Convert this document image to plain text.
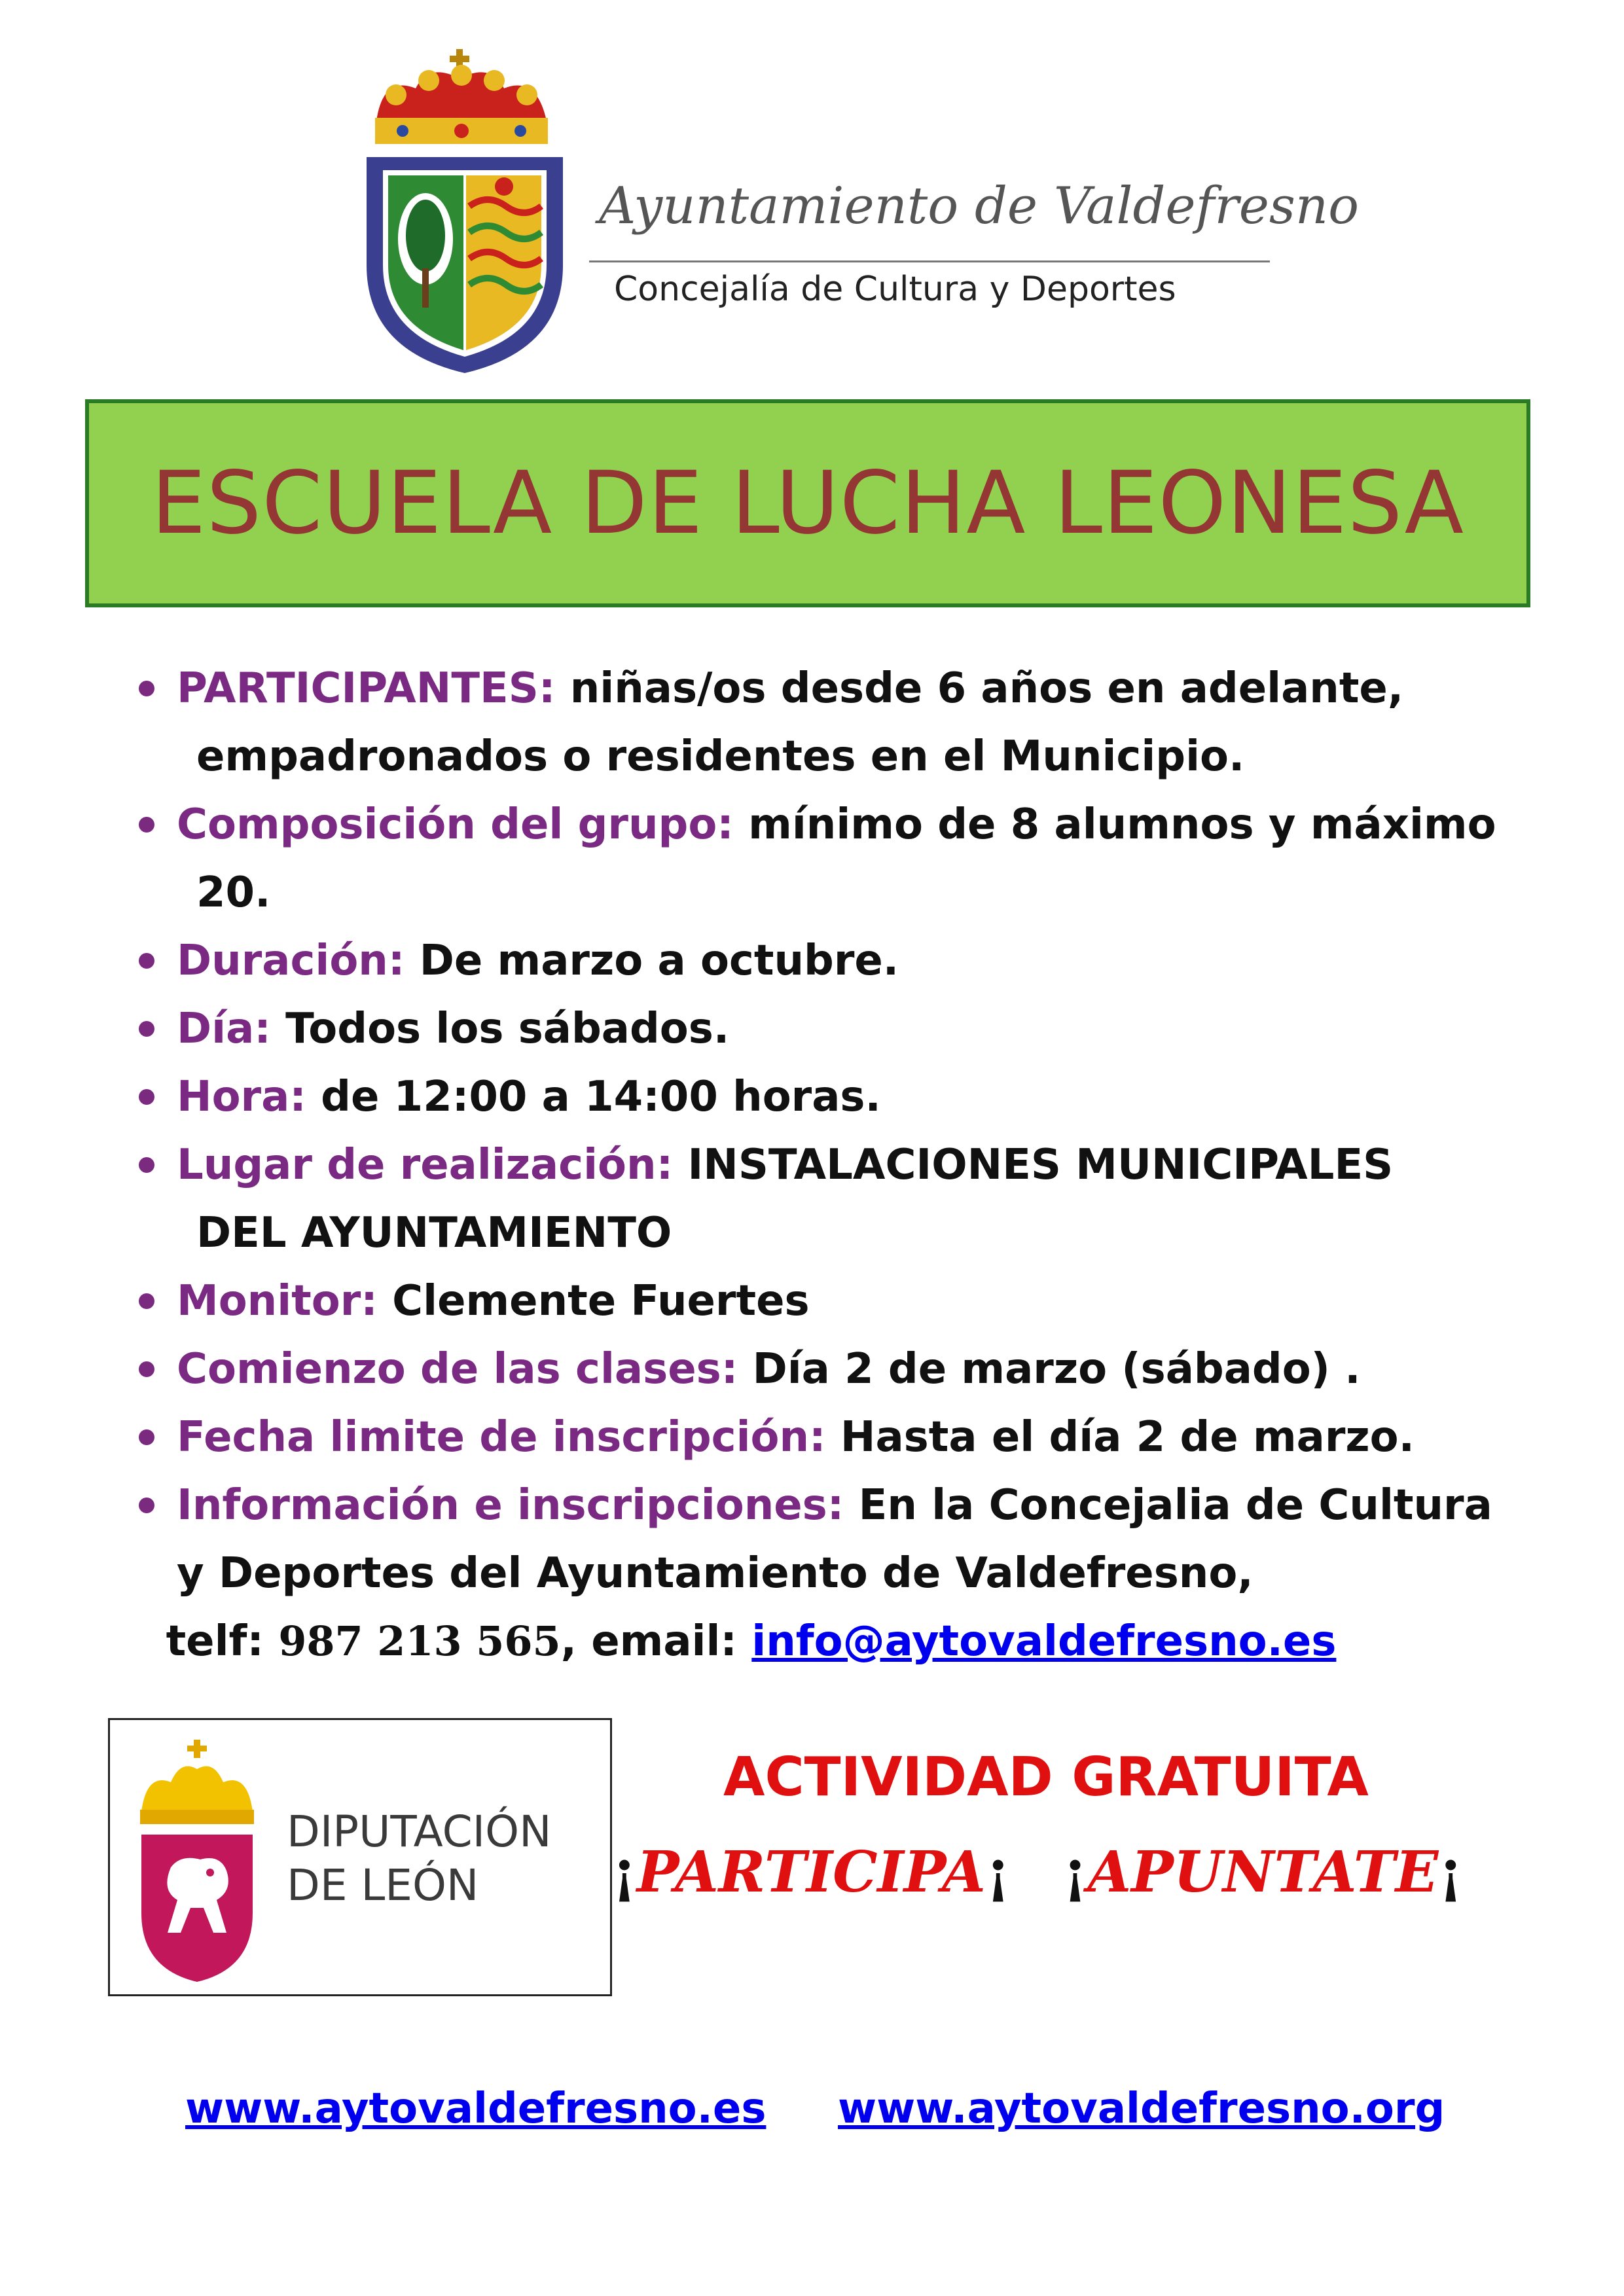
Ayuntamiento de Valdefresno
Concejalía de Cultura y Deportes
ESCUELA DE LUCHA LEONESA
PARTICIPANTES: niñas/os desde 6 años en adelante,
empadronados o residentes en el Municipio.
Composición del grupo: mínimo de 8 alumnos y máximo
20.
Duración: De marzo a octubre.
Día: Todos los sábados.
Hora: de 12:00 a 14:00 horas.
Lugar de realización: INSTALACIONES MUNICIPALES
DEL AYUNTAMIENTO
Monitor: Clemente Fuertes
Comienzo de las clases: Día 2 de marzo (sábado) .
Fecha limite de inscripción: Hasta el día 2 de marzo.
Información e inscripciones: En la Concejalia de Cultura
y Deportes del Ayuntamiento de Valdefresno,
telf: 987 213 565, email: info@aytovaldefresno.es
DIPUTACIÓN
DE LEÓN
ACTIVIDAD GRATUITA
¡PARTICIPA¡ ¡APUNTATE¡
www.aytovaldefresno.es www.aytovaldefresno.org
